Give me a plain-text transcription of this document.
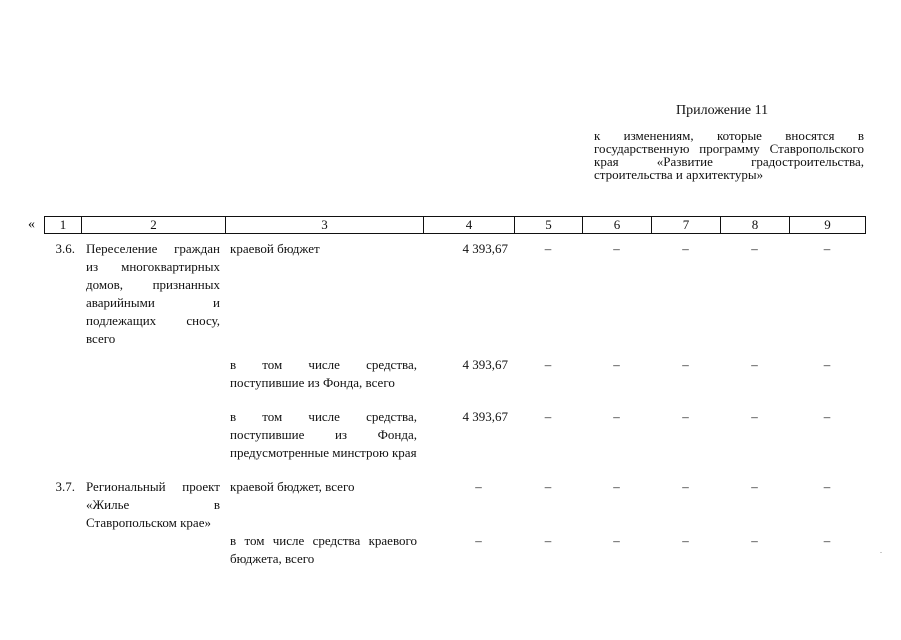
Приложение 11
к изменениям, которые вносятся в государственную программу Ставропольского края «Развитие градостроительства, строительства и архитектуры»
« 1	2	3	4	5	6	7	8	9
3.6.	Переселение граждан из многоквартирных домов, признанных аварийными и подлежащих сносу, всего	краевой бюджет	4 393,67	–	–	–	–	–
		в том числе средства, поступившие из Фонда, всего	4 393,67	–	–	–	–	–
		в том числе средства, поступившие из Фонда, предусмотренные минстрою края	4 393,67	–	–	–	–	–

3.7.	Региональный проект «Жилье в Ставропольском крае»	краевой бюджет, всего	–	–	–	–	–	–
		в том числе средства краевого бюджета, всего	–	–	–	–	–	–
.
